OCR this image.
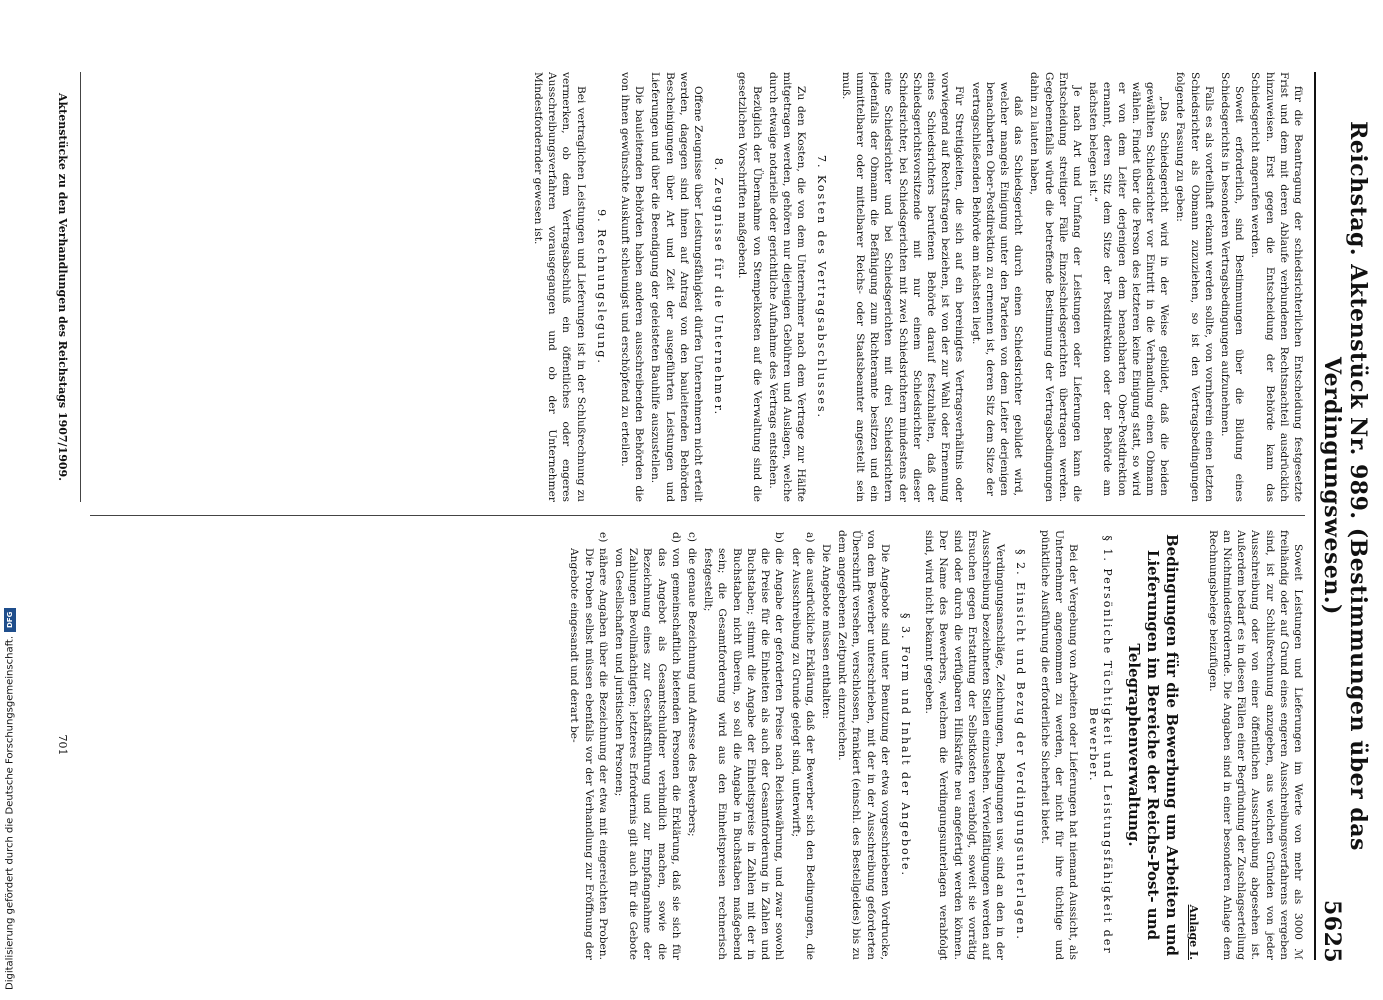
Reichstag. Aktenstück Nr. 989. (Bestimmungen über das Verdingungswesen.)
5625

für die Beantragung der schiedsrichterlichen Entscheidung festgesetzte Frist und dem mit deren Ablaufe verbundenen Rechtsnachteil ausdrücklich hinzuweisen. Erst gegen die Entscheidung der Behörde kann das Schiedsgericht angerufen werden.

Soweit erforderlich, sind Bestimmungen über die Bildung eines Schiedsgerichts in besonderen Vertragsbedingungen aufzunehmen.

Falls es als vorteilhaft erkannt werden sollte, von vornherein einen letzten Schiedsrichter als Obmann zuzuziehen, so ist den Vertragsbedingungen folgende Fassung zu geben:

„Das Schiedsgericht wird in der Weise gebildet, daß die beiden gewählten Schiedsrichter vor Eintritt in die Verhandlung einen Obmann wählen. Findet über die Person des letzteren keine Einigung statt, so wird er von dem Leiter derjenigen dem benachbarten Ober-Postdirektion ernannt, deren Sitz dem Sitze der Postdirektion oder der Behörde am nächsten belegen ist.“

Je nach Art und Umfang der Leistungen oder Lieferungen kann die Entscheidung streitiger Fälle Einzelschiedsgerichten übertragen werden. Gegebenenfalls würde die betreffende Bestimmung der Vertragsbedingungen dahin zu lauten haben,

daß das Schiedsgericht durch einen Schiedsrichter gebildet wird, welcher mangels Einigung unter den Parteien von dem Leiter derjenigen benachbarten Ober-Postdirektion zu ernennen ist, deren Sitz dem Sitze der vertragschließenden Behörde am nächsten liegt.

Für Streitigkeiten, die sich auf ein bereinigtes Vertragsverhältnis oder vorwiegend auf Rechtsfragen beziehen, ist von der zur Wahl oder Ernennung eines Schiedsrichters berufenen Behörde darauf festzuhalten, daß der Schiedsgerichtsvorsitzende mit nur einem Schiedsrichter dieser Schiedsrichter, bei Schiedsgerichten mit zwei Schiedsrichtern mindestens der eine Schiedsrichter und bei Schiedsgerichten mit drei Schiedsrichtern jedenfalls der Obmann die Befähigung zum Richteramte besitzen und ein unmittelbarer oder mittelbarer Reichs- oder Staatsbeamter angestellt sein muß.

7. Kosten des Vertragsabschlusses.

Zu den Kosten, die von dem Unternehmer nach dem Vertrage zur Hälfte mitgetragen werden, gehören nur diejenigen Gebühren und Auslagen, welche durch etwaige notarielle oder gerichtliche Aufnahme des Vertrags entstehen.

Bezüglich der Übernahme von Stempelkosten auf die Verwaltung sind die gesetzlichen Vorschriften maßgebend.

8. Zeugnisse für die Unternehmer.

Offene Zeugnisse über Leistungsfähigkeit dürfen Unternehmern nicht erteilt werden, dagegen sind ihnen auf Antrag von den bauleitenden Behörden Bescheinigungen über Art und Zeit der ausgeführten Leistungen und Lieferungen und über die Beendigung der geleisteten Bauhilfe auszustellen.

Die bauleitenden Behörden haben anderen ausschreibenden Behörden die von ihnen gewünschte Auskunft schleunigst und erschöpfend zu erteilen.

9. Rechnungslegung.

Bei vertraglichen Leistungen und Lieferungen ist in der Schlußrechnung zu vermerken, ob dem Vertragsabschluß ein öffentliches oder engeres Ausschreibungsverfahren vorausgegangen und ob der Unternehmer Mindestfordernder gewesen ist.

Soweit Leistungen und Lieferungen im Werte von mehr als 3000 ℳ freihändig oder auf Grund eines engeren Ausschreibungsverfahrens vergeben sind, ist zur Schlußrechnung anzugeben, aus welchen Gründen von jeder Ausschreibung oder von einer öffentlichen Ausschreibung abgesehen ist. Außerdem bedarf es in diesen Fällen einer Begründung der Zuschlagserteilung an Nichtmindestfordernde. Die Angaben sind in einer besonderen Anlage dem Rechnungsbelege beizufügen.

Anlage I.
Bedingungen für die Bewerbung um Arbeiten und Lieferungen im Bereiche der Reichs-Post- und Telegraphenverwaltung.
§ 1. Persönliche Tüchtigkeit und Leistungsfähigkeit der Bewerber.

Bei der Vergebung von Arbeiten oder Lieferungen hat niemand Aussicht, als Unternehmer angenommen zu werden, der nicht für ihre tüchtige und pünktliche Ausführung die erforderliche Sicherheit bietet.

§ 2. Einsicht und Bezug der Verdingungsunterlagen.

Verdingungsanschläge, Zeichnungen, Bedingungen usw. sind an den in der Ausschreibung bezeichneten Stellen einzusehen. Vervielfältigungen werden auf Ersuchen gegen Erstattung der Selbstkosten verabfolgt, soweit sie vorrätig sind oder durch die verfügbaren Hilfskräfte neu angefertigt werden können. Der Name des Bewerbers, welchem die Verdingungsunterlagen verabfolgt sind, wird nicht bekannt gegeben.

§ 3. Form und Inhalt der Angebote.

Die Angebote sind unter Benutzung der etwa vorgeschriebenen Vordrucke, von dem Bewerber unterschrieben, mit der in der Ausschreibung geforderten Überschrift versehen, verschlossen, frankiert (einschl. des Bestellgeldes) bis zu dem angegebenen Zeitpunkt einzureichen.

Die Angebote müssen enthalten:

a)
die ausdrückliche Erklärung, daß der Bewerber sich den Bedingungen, die der Ausschreibung zu Grunde gelegt sind, unterwirft;

b)
die Angabe der geforderten Preise nach Reichswährung, und zwar sowohl die Preise für die Einheiten als auch der Gesamtforderung in Zahlen und Buchstaben; stimmt die Angabe der Einheitspreise in Zahlen mit der in Buchstaben nicht überein, so soll die Angabe in Buchstaben maßgebend sein; die Gesamtforderung wird aus den Einheitspreisen rechnerisch festgestellt;

c)
die genaue Bezeichnung und Adresse des Bewerbers;

d)
von gemeinschaftlich bietenden Personen die Erklärung, daß sie sich für das Angebot als Gesamtschuldner verbindlich machen, sowie die Bezeichnung eines zur Geschäftsführung und zur Empfangnahme der Zahlungen Bevollmächtigten; letzteres Erfordernis gilt auch für die Gebote von Gesellschaften und juristischen Personen;

e)
nähere Angaben über die Bezeichnung der etwa mit eingereichten Proben. Die Proben selbst müssen ebenfalls vor der Verhandlung zur Eröffnung der Angebote eingesandt und derart be-

Aktenstücke zu den Verhandlungen des Reichstags 1907/1909.
701
Digitalisierung gefördert durch die Deutsche Forschungsgemeinschaft.
DFG
